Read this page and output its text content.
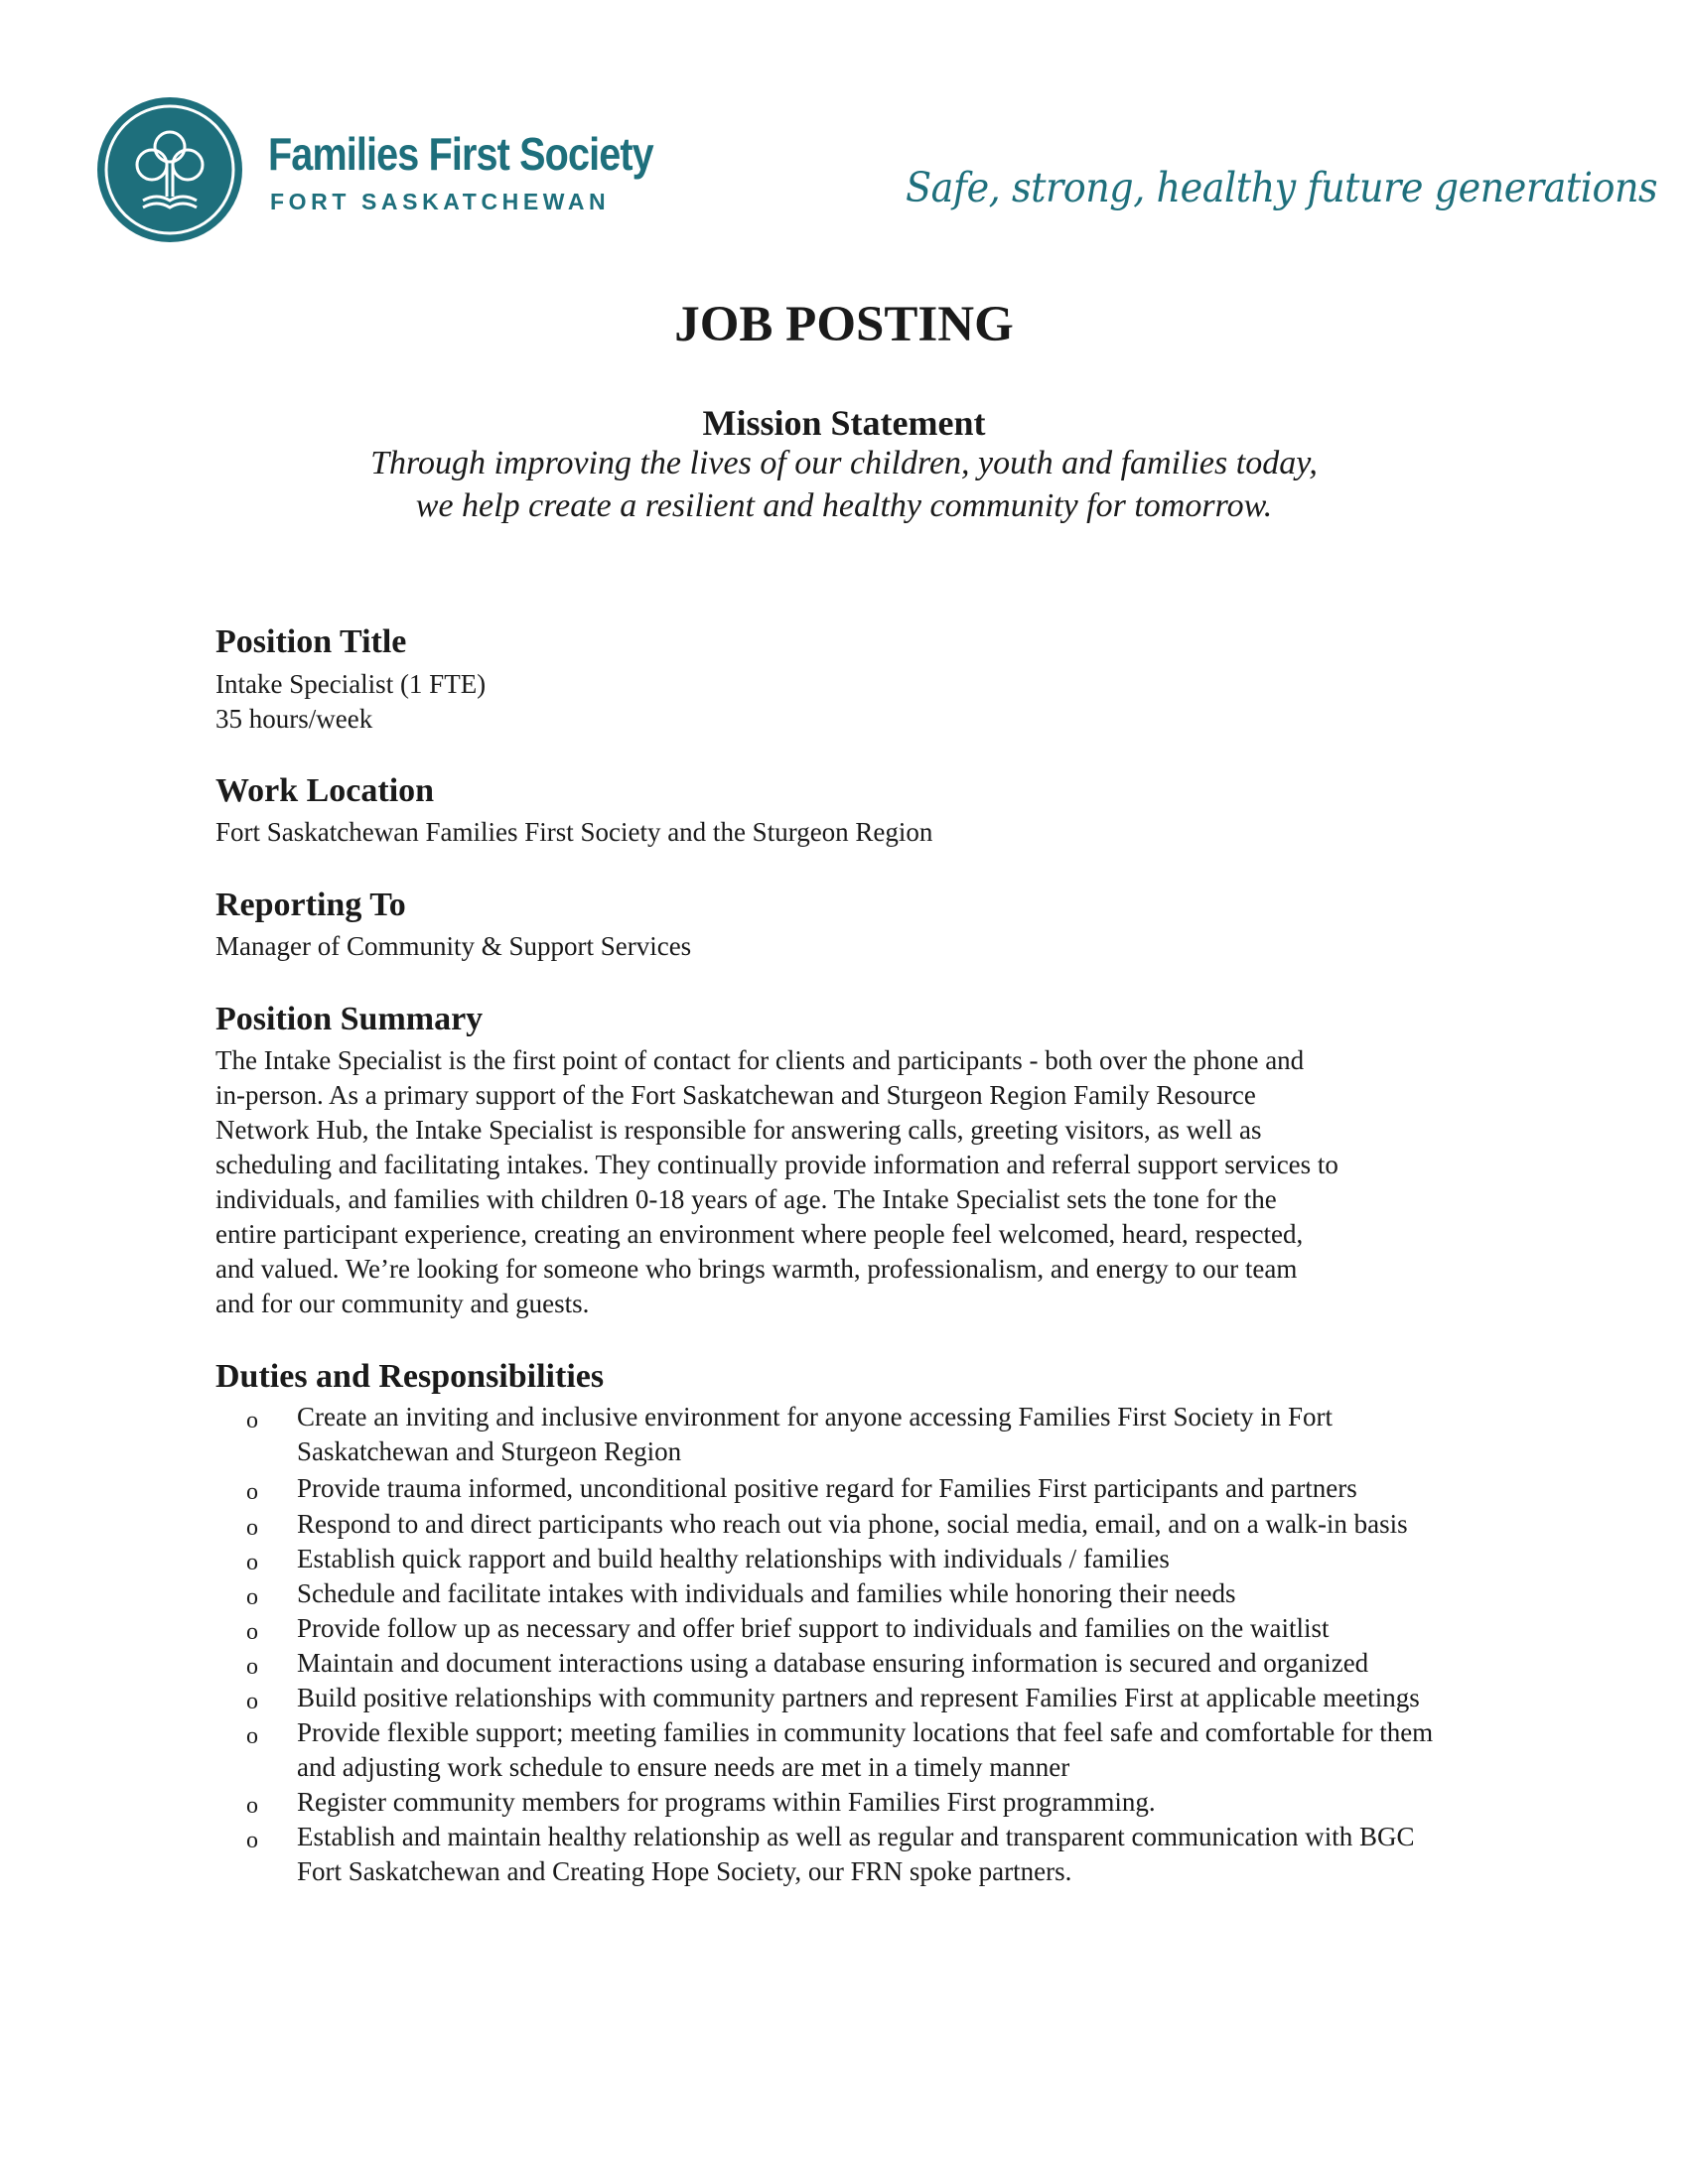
Families First Society
FORT SASKATCHEWAN	Safe, strong, healthy future generations
JOB POSTING
Mission Statement
Through improving the lives of our children, youth and families today,
we help create a resilient and healthy community for tomorrow.
Position Title
Intake Specialist (1 FTE)
35 hours/week
Work Location
Fort Saskatchewan Families First Society and the Sturgeon Region
Reporting To
Manager of Community & Support Services
Position Summary
The Intake Specialist is the first point of contact for clients and participants - both over the phone and
in-person. As a primary support of the Fort Saskatchewan and Sturgeon Region Family Resource
Network Hub, the Intake Specialist is responsible for answering calls, greeting visitors, as well as
scheduling and facilitating intakes. They continually provide information and referral support services to
individuals, and families with children 0-18 years of age. The Intake Specialist sets the tone for the
entire participant experience, creating an environment where people feel welcomed, heard, respected,
and valued. We’re looking for someone who brings warmth, professionalism, and energy to our team
and for our community and guests.
Duties and Responsibilities
o Create an inviting and inclusive environment for anyone accessing Families First Society in Fort
Saskatchewan and Sturgeon Region
o Provide trauma informed, unconditional positive regard for Families First participants and partners
o Respond to and direct participants who reach out via phone, social media, email, and on a walk-in basis
o Establish quick rapport and build healthy relationships with individuals / families
o Schedule and facilitate intakes with individuals and families while honoring their needs
o Provide follow up as necessary and offer brief support to individuals and families on the waitlist
o Maintain and document interactions using a database ensuring information is secured and organized
o Build positive relationships with community partners and represent Families First at applicable meetings
o Provide flexible support; meeting families in community locations that feel safe and comfortable for them
and adjusting work schedule to ensure needs are met in a timely manner
o Register community members for programs within Families First programming.
o Establish and maintain healthy relationship as well as regular and transparent communication with BGC
Fort Saskatchewan and Creating Hope Society, our FRN spoke partners.
